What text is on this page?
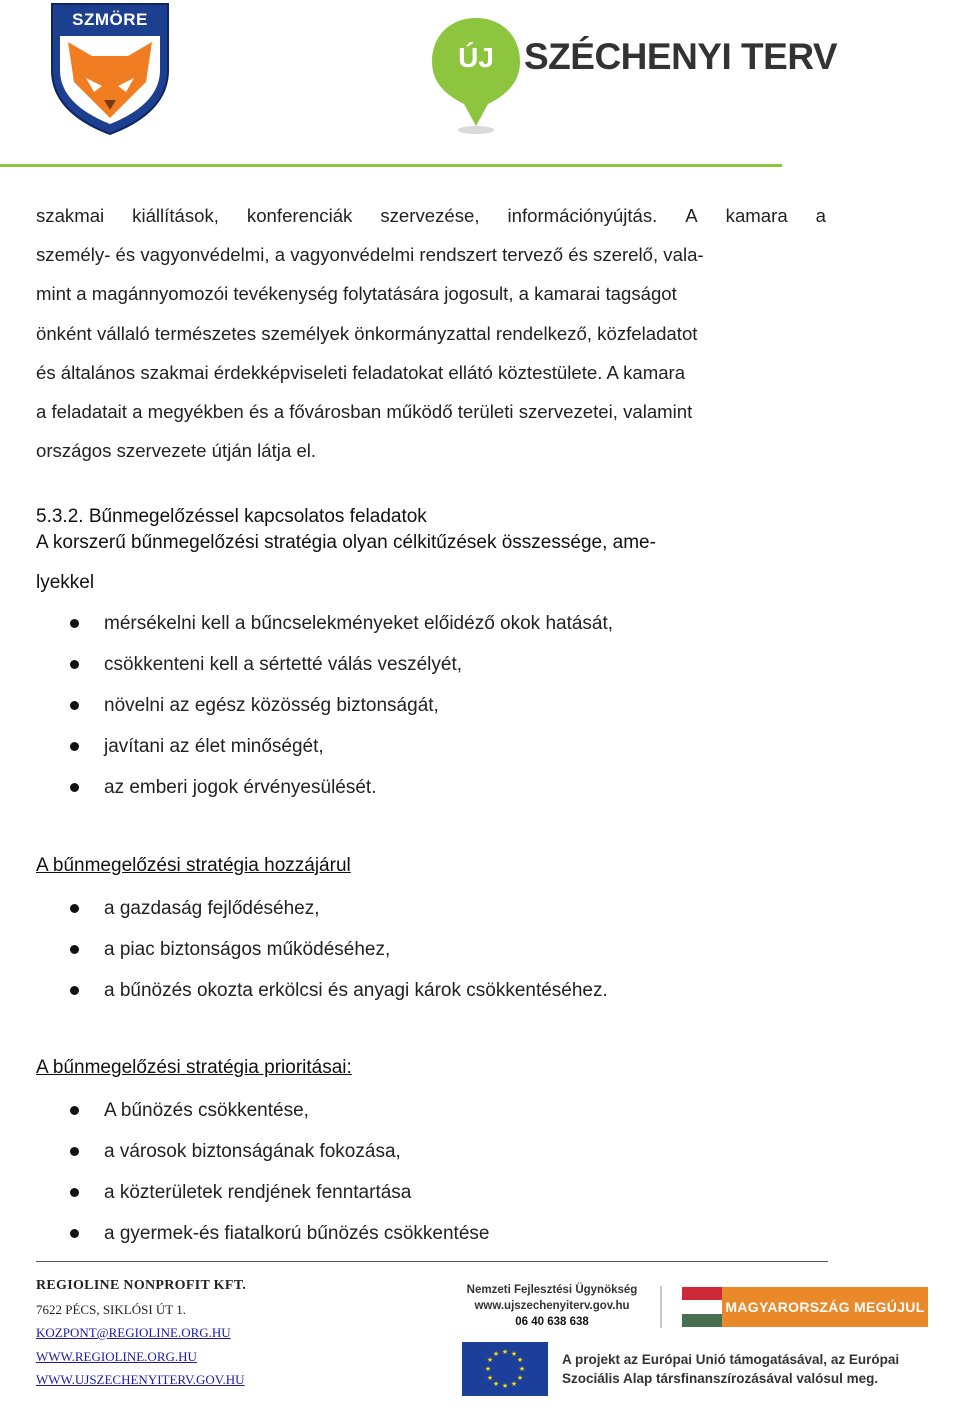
SZMÖRE
ÚJ SZÉCHENYI TERV
szakmai kiállítások, konferenciák szervezése, információnyújtás. A kamara a
személy- és vagyonvédelmi, a vagyonvédelmi rendszert tervező és szerelő, vala-
mint a magánnyomozói tevékenység folytatására jogosult, a kamarai tagságot
önként vállaló természetes személyek önkormányzattal rendelkező, közfeladatot
és általános szakmai érdekképviseleti feladatokat ellátó köztestülete. A kamara
a feladatait a megyékben és a fővárosban működő területi szervezetei, valamint
országos szervezete útján látja el.
5.3.2. Bűnmegelőzéssel kapcsolatos feladatok
A korszerű bűnmegelőzési stratégia olyan célkitűzések összessége, ame-
lyekkel
mérsékelni kell a bűncselekményeket előidéző okok hatását,
csökkenteni kell a sértetté válás veszélyét,
növelni az egész közösség biztonságát,
javítani az élet minőségét,
az emberi jogok érvényesülését.
A bűnmegelőzési stratégia hozzájárul
a gazdaság fejlődéséhez,
a piac biztonságos működéséhez,
a bűnözés okozta erkölcsi és anyagi károk csökkentéséhez.
A bűnmegelőzési stratégia prioritásai:
A bűnözés csökkentése,
a városok biztonságának fokozása,
a közterületek rendjének fenntartása
a gyermek-és fiatalkorú bűnözés csökkentése
REGIOLINE NONPROFIT KFT.
7622 PÉCS, SIKLÓSI ÚT 1.
KOZPONT@REGIOLINE.ORG.HU
WWW.REGIOLINE.ORG.HU
WWW.UJSZECHENYITERV.GOV.HU
Nemzeti Fejlesztési Ügynökség
www.ujszechenyiterv.gov.hu
06 40 638 638
MAGYARORSZÁG MEGÚJUL
★ ★
★
★
★
★
★
★
★
★
★
★	A projekt az Európai Unió támogatásával, az Európai
Szociális Alap társfinanszírozásával valósul meg.
